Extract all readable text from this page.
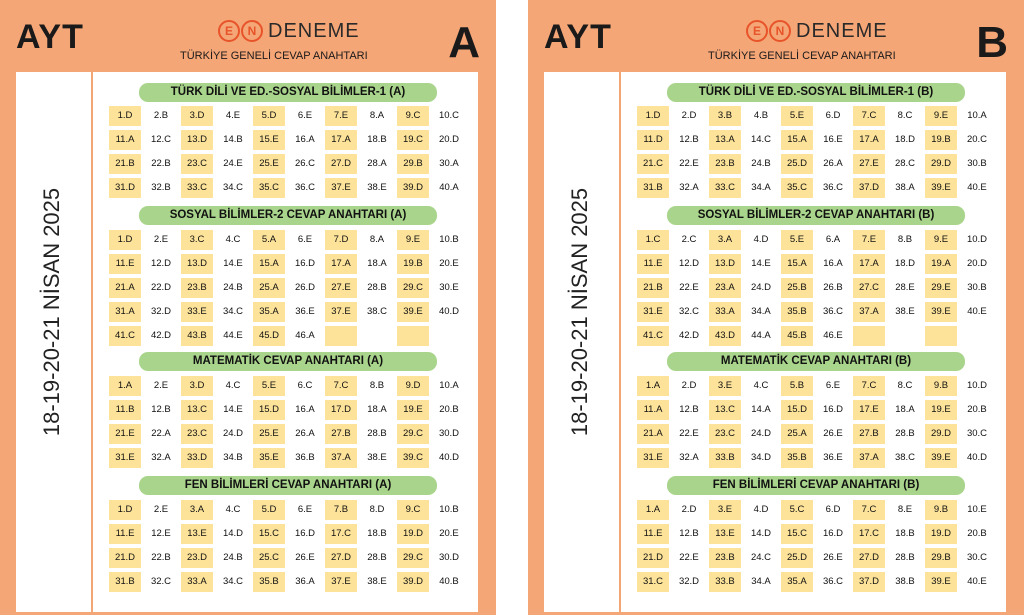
AYT	E	N DENEME
TÜRKİYE GENELİ CEVAP ANAHTARI A
18-19-20-21 NİSAN 2025
TÜRK DİLİ VE ED.-SOSYAL BİLİMLER-1 (A)
1.D	2.B	3.D	4.E	5.D	6.E	7.E	8.A	9.C	10.C
11.A	12.C	13.D	14.B	15.E	16.A	17.A	18.B	19.C	20.D
21.B	22.B	23.C	24.E	25.E	26.C	27.D	28.A	29.B	30.A
31.D	32.B	33.C	34.C	35.C	36.C	37.E	38.E	39.D	40.A
SOSYAL BİLİMLER-2 CEVAP ANAHTARI (A)
1.D	2.E	3.C	4.C	5.A	6.E	7.D	8.A	9.E	10.B
11.E	12.D	13.D	14.E	15.A	16.D	17.A	18.A	19.B	20.E
21.A	22.D	23.B	24.B	25.A	26.D	27.E	28.B	29.C	30.E
31.A	32.D	33.E	34.C	35.A	36.E	37.E	38.C	39.E	40.D
41.C	42.D	43.B	44.E	45.D	46.A
MATEMATİK CEVAP ANAHTARI (A)
1.A	2.E	3.D	4.C	5.E	6.C	7.C	8.B	9.D	10.A
11.B	12.B	13.C	14.E	15.D	16.A	17.D	18.A	19.E	20.B
21.E	22.A	23.C	24.D	25.E	26.A	27.B	28.B	29.C	30.D
31.E	32.A	33.D	34.B	35.E	36.B	37.A	38.E	39.C	40.D
FEN BİLİMLERİ CEVAP ANAHTARI (A)
1.D	2.E	3.A	4.C	5.D	6.E	7.B	8.D	9.C	10.B
11.E	12.E	13.E	14.D	15.C	16.D	17.C	18.B	19.D	20.E
21.D	22.B	23.D	24.B	25.C	26.E	27.D	28.B	29.C	30.D
31.B	32.C	33.A	34.C	35.B	36.A	37.E	38.E	39.D	40.B
AYT	E	N DENEME
TÜRKİYE GENELİ CEVAP ANAHTARI B
18-19-20-21 NİSAN 2025
TÜRK DİLİ VE ED.-SOSYAL BİLİMLER-1 (B)
1.D	2.D	3.B	4.B	5.E	6.D	7.C	8.C	9.E	10.A
11.D	12.B	13.A	14.C	15.A	16.E	17.A	18.D	19.B	20.C
21.C	22.E	23.B	24.B	25.D	26.A	27.E	28.C	29.D	30.B
31.B	32.A	33.C	34.A	35.C	36.C	37.D	38.A	39.E	40.E
SOSYAL BİLİMLER-2 CEVAP ANAHTARI (B)
1.C	2.C	3.A	4.D	5.E	6.A	7.E	8.B	9.E	10.D
11.E	12.D	13.D	14.E	15.A	16.A	17.A	18.D	19.A	20.D
21.B	22.E	23.A	24.D	25.B	26.B	27.C	28.E	29.E	30.B
31.E	32.C	33.A	34.A	35.B	36.C	37.A	38.E	39.E	40.E
41.C	42.D	43.D	44.A	45.B	46.E
MATEMATİK CEVAP ANAHTARI (B)
1.A	2.D	3.E	4.C	5.B	6.E	7.C	8.C	9.B	10.D
11.A	12.B	13.C	14.A	15.D	16.D	17.E	18.A	19.E	20.B
21.A	22.E	23.C	24.D	25.A	26.E	27.B	28.B	29.D	30.C
31.E	32.A	33.B	34.D	35.B	36.E	37.A	38.C	39.E	40.D
FEN BİLİMLERİ CEVAP ANAHTARI (B)
1.A	2.D	3.E	4.D	5.C	6.D	7.C	8.E	9.B	10.E
11.E	12.B	13.E	14.D	15.C	16.D	17.C	18.B	19.D	20.B
21.D	22.E	23.B	24.C	25.D	26.E	27.D	28.B	29.B	30.C
31.C	32.D	33.B	34.A	35.A	36.C	37.D	38.B	39.E	40.E
